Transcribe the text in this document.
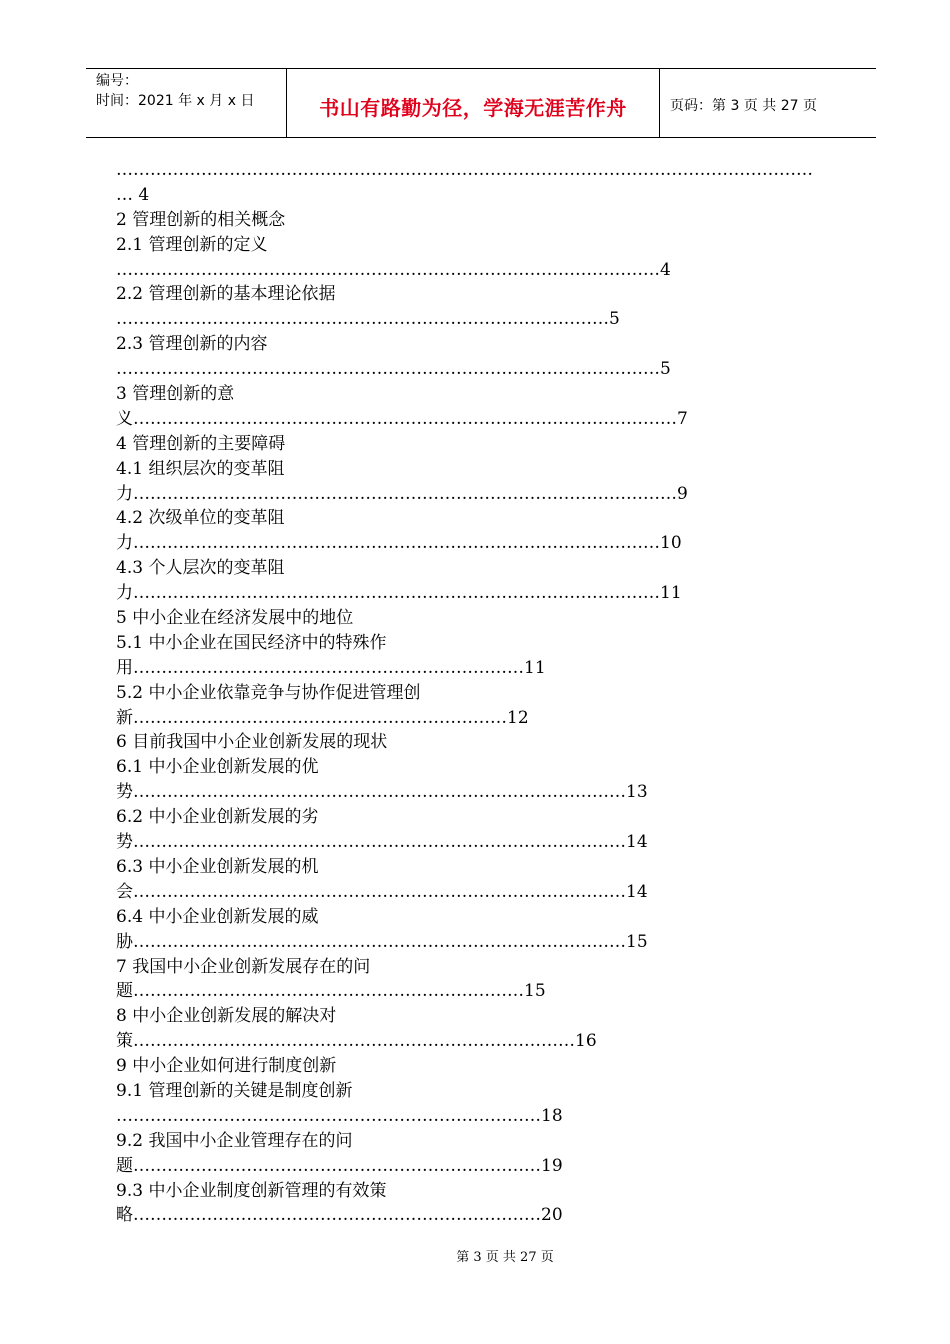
编号：
时间：2021 年 x 月 x 日	书山有路勤为径，学海无涯苦作舟	页码：第 3 页 共 27 页
……………………………………………………………………………………………………………
… 4
2 管理创新的相关概念
2.1 管理创新的定义
……………………………………………………………………………………4
2.2 管理创新的基本理论依据
……………………………………………………………………………5
2.3 管理创新的内容
……………………………………………………………………………………5
3 管理创新的意
义……………………………………………………………………………………7
4 管理创新的主要障碍
4.1 组织层次的变革阻
力……………………………………………………………………………………9
4.2 次级单位的变革阻
力…………………………………………………………………………………10
4.3 个人层次的变革阻
力…………………………………………………………………………………11
5 中小企业在经济发展中的地位
5.1 中小企业在国民经济中的特殊作
用……………………………………………………………11
5.2 中小企业依靠竞争与协作促进管理创
新…………………………………………………………12
6 目前我国中小企业创新发展的现状
6.1 中小企业创新发展的优
势……………………………………………………………………………13
6.2 中小企业创新发展的劣
势……………………………………………………………………………14
6.3 中小企业创新发展的机
会……………………………………………………………………………14
6.4 中小企业创新发展的威
胁……………………………………………………………………………15
7 我国中小企业创新发展存在的问
题……………………………………………………………15
8 中小企业创新发展的解决对
策……………………………………………………………………16
9 中小企业如何进行制度创新
9.1 管理创新的关键是制度创新
…………………………………………………………………18
9.2 我国中小企业管理存在的问
题………………………………………………………………19
9.3 中小企业制度创新管理的有效策
略………………………………………………………………20
第 3 页 共 27 页
